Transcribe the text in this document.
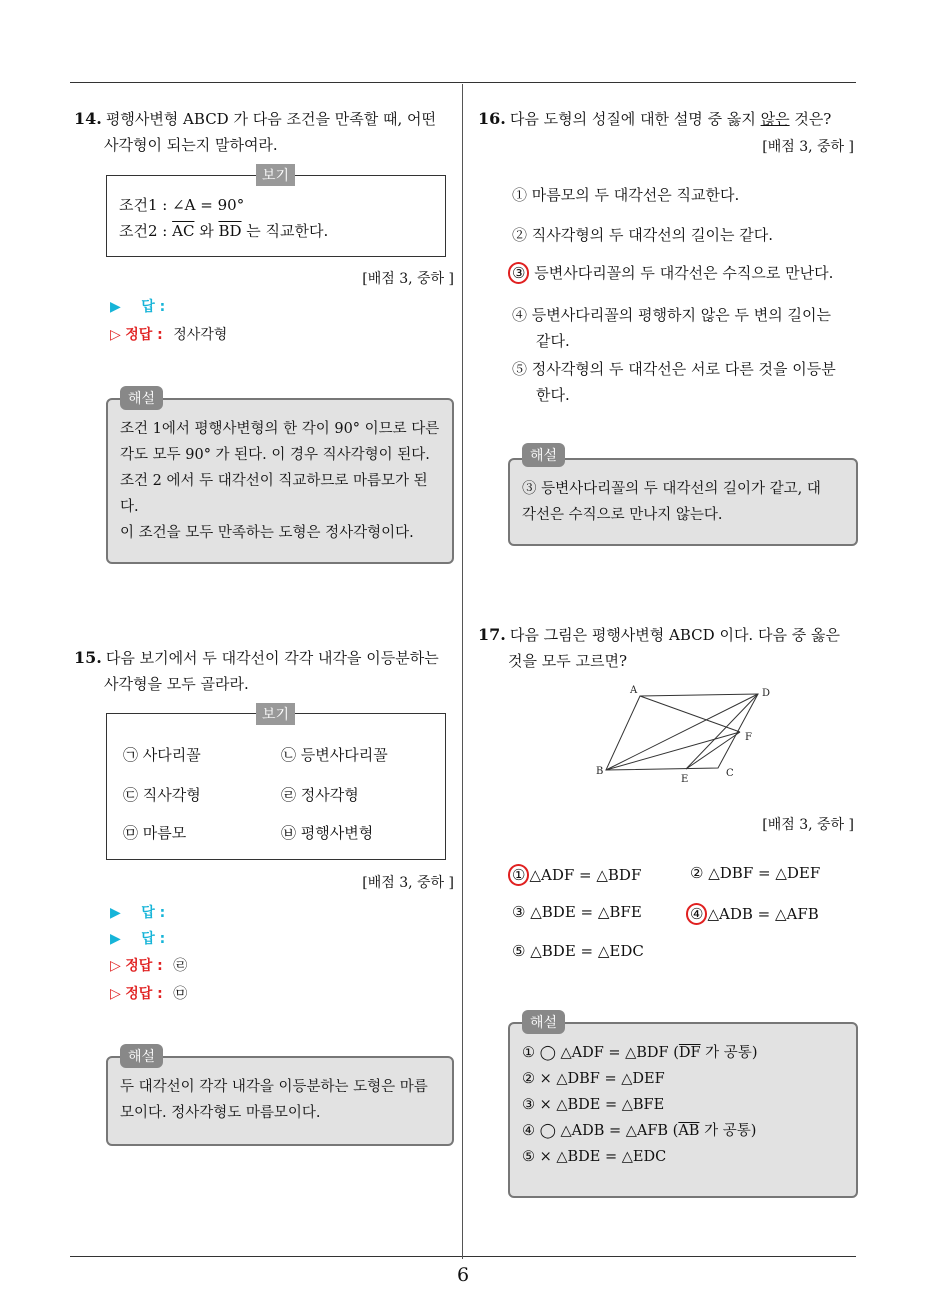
6
14. 평행사변형 ABCD 가 다음 조건을 만족할 때, 어떤
사각형이 되는지 말하여라.
조건1 : ∠A = 90°
조건2 : $\overline{AC}$ 와 $\overline{BD}$ 는 직교한다.
보기
[배점 3, 중하 ]
▶ 답 :
▷ 정답 : 정사각형
조건 1에서 평행사변형의 한 각이 90° 이므로 다른
각도 모두 90° 가 된다. 이 경우 직사각형이 된다.
조건 2 에서 두 대각선이 직교하므로 마름모가 된
다.
이 조건을 모두 만족하는 도형은 정사각형이다.
해설
15. 다음 보기에서 두 대각선이 각각 내각을 이등분하는
사각형을 모두 골라라.
㉠ 사다리꼴	㉡ 등변사다리꼴
㉢ 직사각형	㉣ 정사각형
㉤ 마름모	㉥ 평행사변형
보기
[배점 3, 중하 ]
▶ 답 :
▶ 답 :
▷ 정답 : ㉣
▷ 정답 : ㉤
두 대각선이 각각 내각을 이등분하는 도형은 마름
모이다. 정사각형도 마름모이다.
해설
16. 다음 도형의 성질에 대한 설명 중 옳지 않은 것은?
[배점 3, 중하 ]
① 마름모의 두 대각선은 직교한다.
② 직사각형의 두 대각선의 길이는 같다.
③ 등변사다리꼴의 두 대각선은 수직으로 만난다.
④ 등변사다리꼴의 평행하지 않은 두 변의 길이는
같다.
⑤ 정사각형의 두 대각선은 서로 다른 것을 이등분
한다.
③ 등변사다리꼴의 두 대각선의 길이가 같고, 대
각선은 수직으로 만나지 않는다.
해설
17. 다음 그림은 평행사변형 ABCD 이다. 다음 중 옳은
것을 모두 고르면?
A	D
F
B
E
C
[배점 3, 중하 ]
① △ADF = △BDF	② △DBF = △DEF
③ △BDE = △BFE	④ △ADB = △AFB
⑤ △BDE = △EDC
① ◯ △ADF = △BDF ($\overline{DF}$ 가 공통)
② × △DBF = △DEF
③ × △BDE = △BFE
④ ◯ △ADB = △AFB ($\overline{AB}$ 가 공통)
⑤ × △BDE = △EDC
해설
